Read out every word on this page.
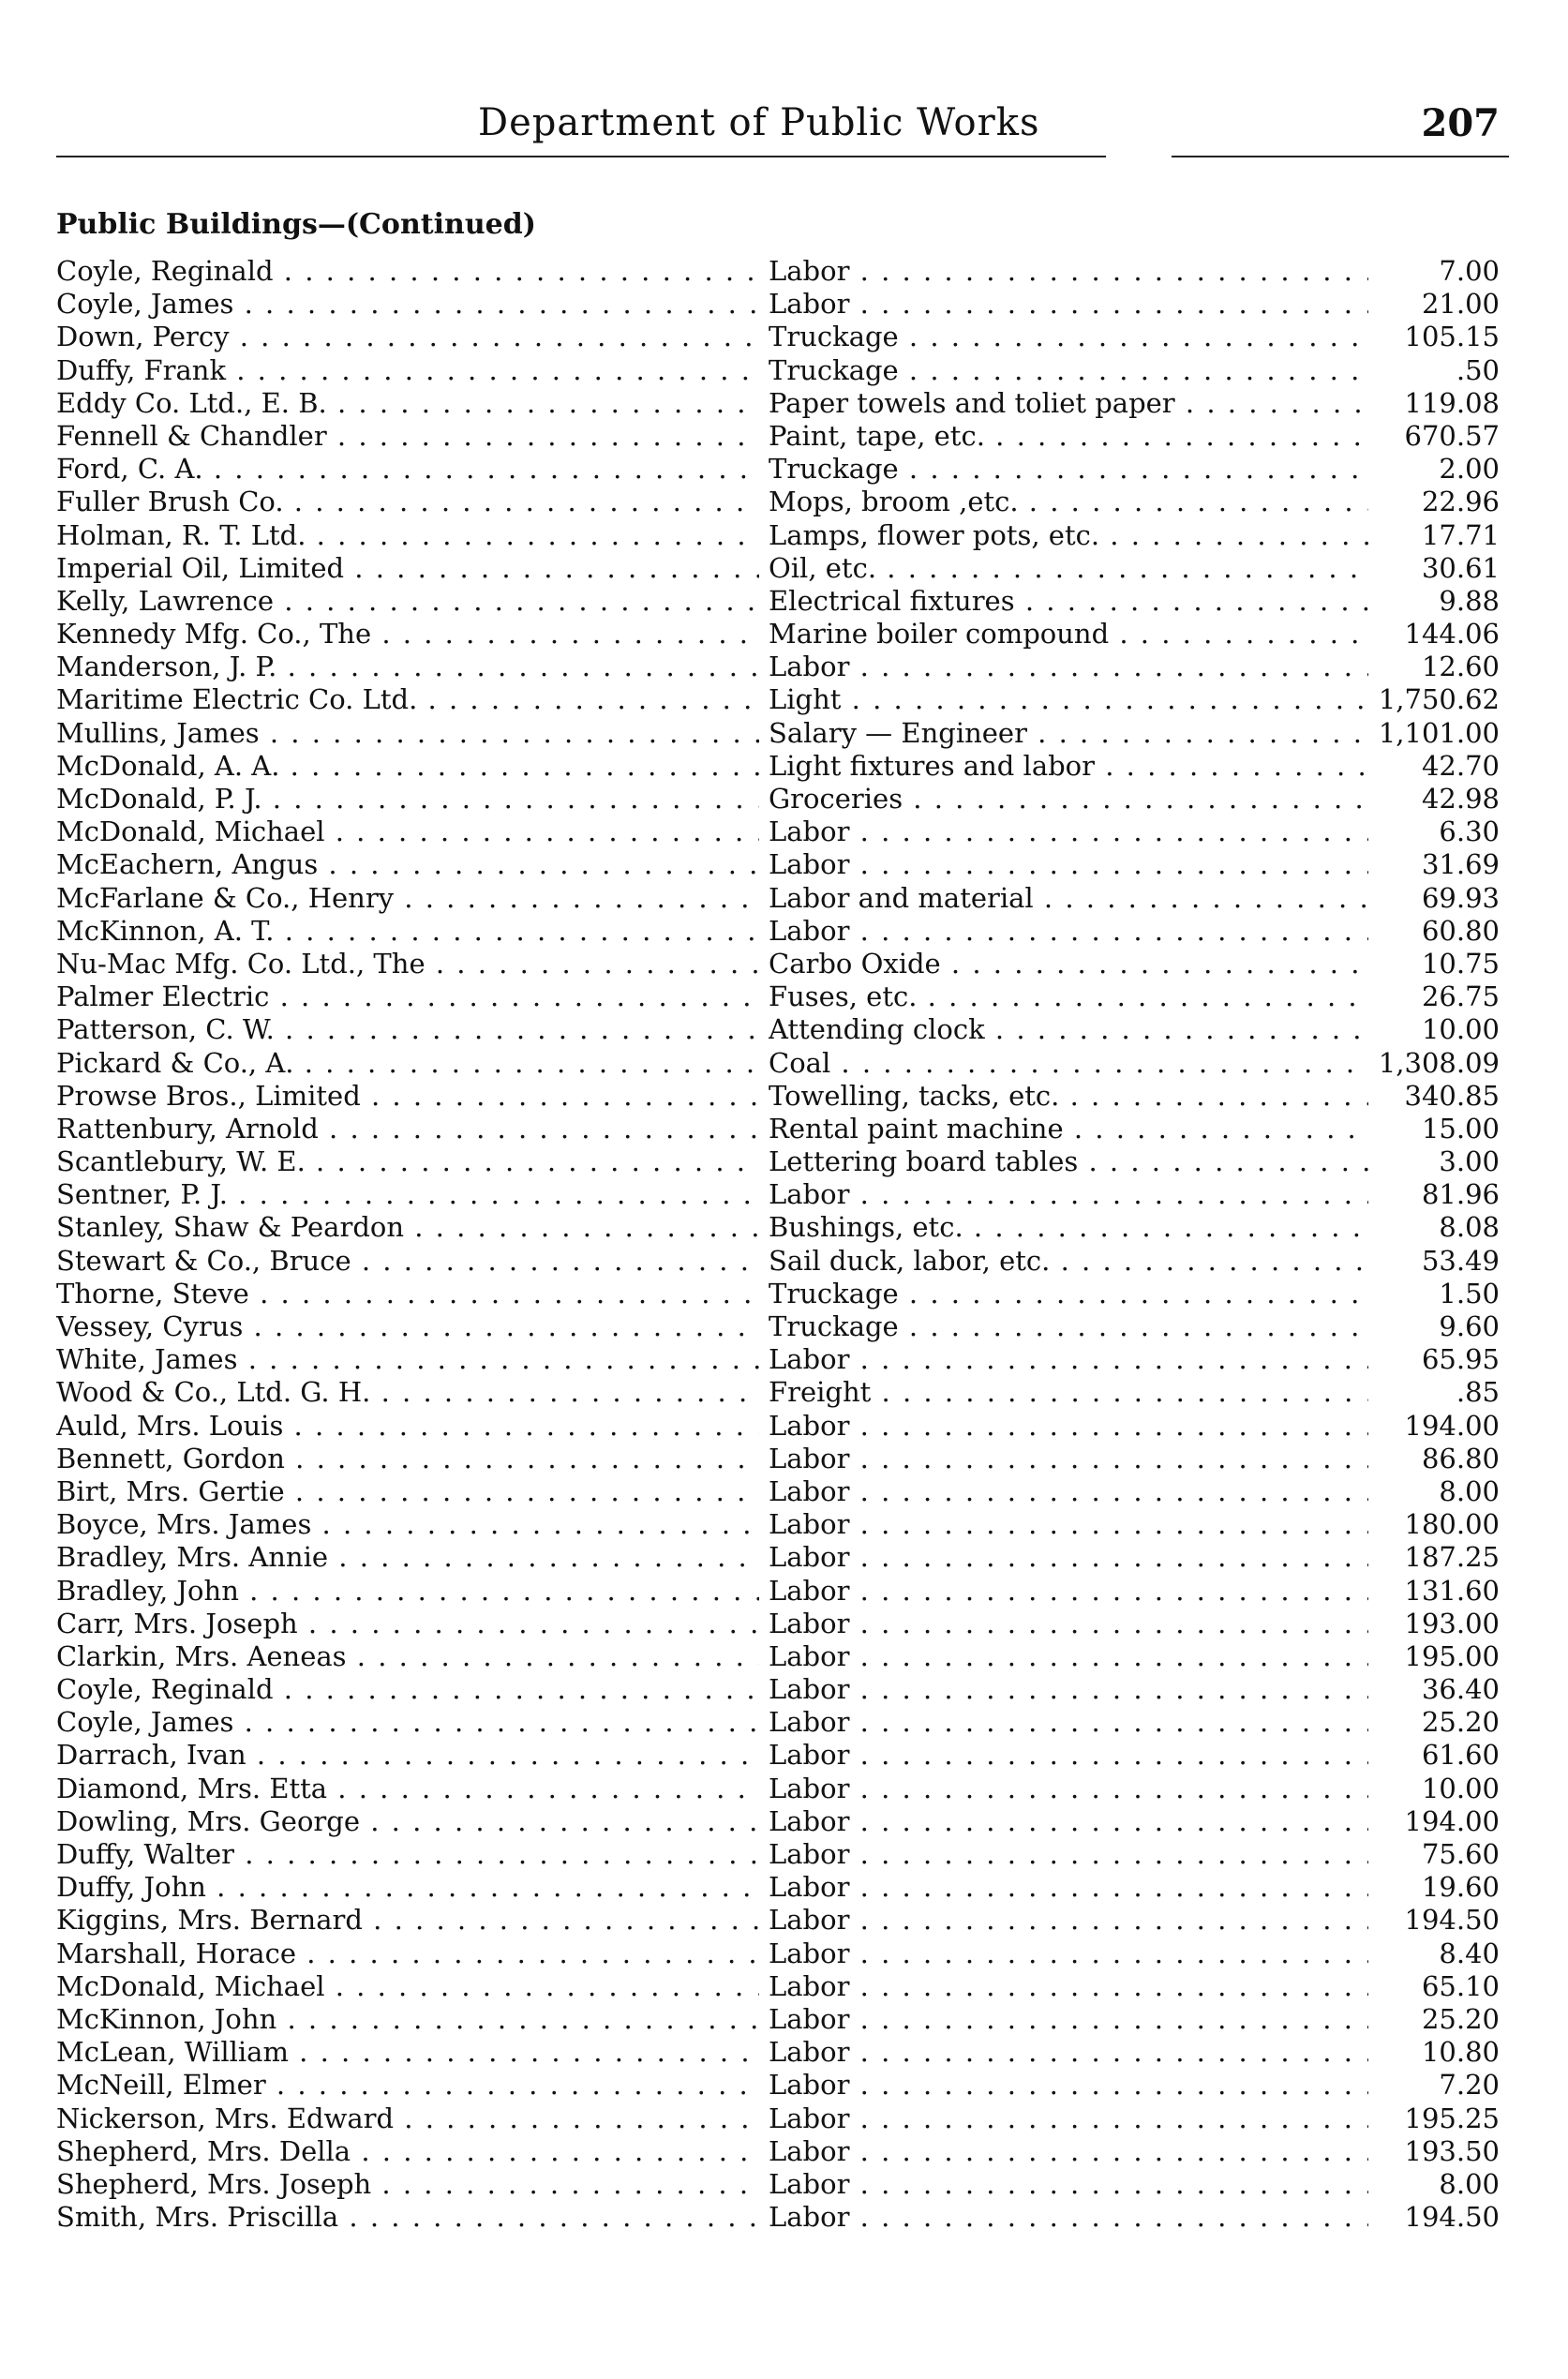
Department of Public Works	207
Public Buildings—(Continued)
Coyle, Reginald . . .	Labor . . .	7.00
Coyle, James . . .	Labor . . .	21.00
Down, Percy . . .	Truckage . . .	105.15
Duffy, Frank . . .	Truckage . . .	.50
Eddy Co. Ltd., E. B. . . .	Paper towels and toliet paper . . .	119.08
Fennell & Chandler . . .	Paint, tape, etc. . . .	670.57
Ford, C. A. . . .	Truckage . . .	2.00
Fuller Brush Co. . . .	Mops, broom ,etc. . . .	22.96
Holman, R. T. Ltd. . . .	Lamps, flower pots, etc. . . .	17.71
Imperial Oil, Limited . . .	Oil, etc. . . .	30.61
Kelly, Lawrence . . .	Electrical fixtures . . .	9.88
Kennedy Mfg. Co., The . . .	Marine boiler compound . . .	144.06
Manderson, J. P. . . .	Labor . . .	12.60
Maritime Electric Co. Ltd. . . .	Light . . .	1,750.62
Mullins, James . . .	Salary — Engineer . . .	1,101.00
McDonald, A. A. . . .	Light fixtures and labor . . .	42.70
McDonald, P. J. . . .	Groceries . . .	42.98
McDonald, Michael . . .	Labor . . .	6.30
McEachern, Angus . . .	Labor . . .	31.69
McFarlane & Co., Henry . . .	Labor and material . . .	69.93
McKinnon, A. T. . . .	Labor . . .	60.80
Nu-Mac Mfg. Co. Ltd., The . . .	Carbo Oxide . . .	10.75
Palmer Electric . . .	Fuses, etc. . . .	26.75
Patterson, C. W. . . .	Attending clock . . .	10.00
Pickard & Co., A. . . .	Coal . . .	1,308.09
Prowse Bros., Limited . . .	Towelling, tacks, etc. . . .	340.85
Rattenbury, Arnold . . .	Rental paint machine . . .	15.00
Scantlebury, W. E. . . .	Lettering board tables . . .	3.00
Sentner, P. J. . . .	Labor . . .	81.96
Stanley, Shaw & Peardon . . .	Bushings, etc. . . .	8.08
Stewart & Co., Bruce . . .	Sail duck, labor, etc. . . .	53.49
Thorne, Steve . . .	Truckage . . .	1.50
Vessey, Cyrus . . .	Truckage . . .	9.60
White, James . . .	Labor . . .	65.95
Wood & Co., Ltd. G. H. . . .	Freight . . .	.85
Auld, Mrs. Louis . . .	Labor . . .	194.00
Bennett, Gordon . . .	Labor . . .	86.80
Birt, Mrs. Gertie . . .	Labor . . .	8.00
Boyce, Mrs. James . . .	Labor . . .	180.00
Bradley, Mrs. Annie . . .	Labor . . .	187.25
Bradley, John . . .	Labor . . .	131.60
Carr, Mrs. Joseph . . .	Labor . . .	193.00
Clarkin, Mrs. Aeneas . . .	Labor . . .	195.00
Coyle, Reginald . . .	Labor . . .	36.40
Coyle, James . . .	Labor . . .	25.20
Darrach, Ivan . . .	Labor . . .	61.60
Diamond, Mrs. Etta . . .	Labor . . .	10.00
Dowling, Mrs. George . . .	Labor . . .	194.00
Duffy, Walter . . .	Labor . . .	75.60
Duffy, John . . .	Labor . . .	19.60
Kiggins, Mrs. Bernard . . .	Labor . . .	194.50
Marshall, Horace . . .	Labor . . .	8.40
McDonald, Michael . . .	Labor . . .	65.10
McKinnon, John . . .	Labor . . .	25.20
McLean, William . . .	Labor . . .	10.80
McNeill, Elmer . . .	Labor . . .	7.20
Nickerson, Mrs. Edward . . .	Labor . . .	195.25
Shepherd, Mrs. Della . . .	Labor . . .	193.50
Shepherd, Mrs. Joseph . . .	Labor . . .	8.00
Smith, Mrs. Priscilla . . .	Labor . . .	194.50
